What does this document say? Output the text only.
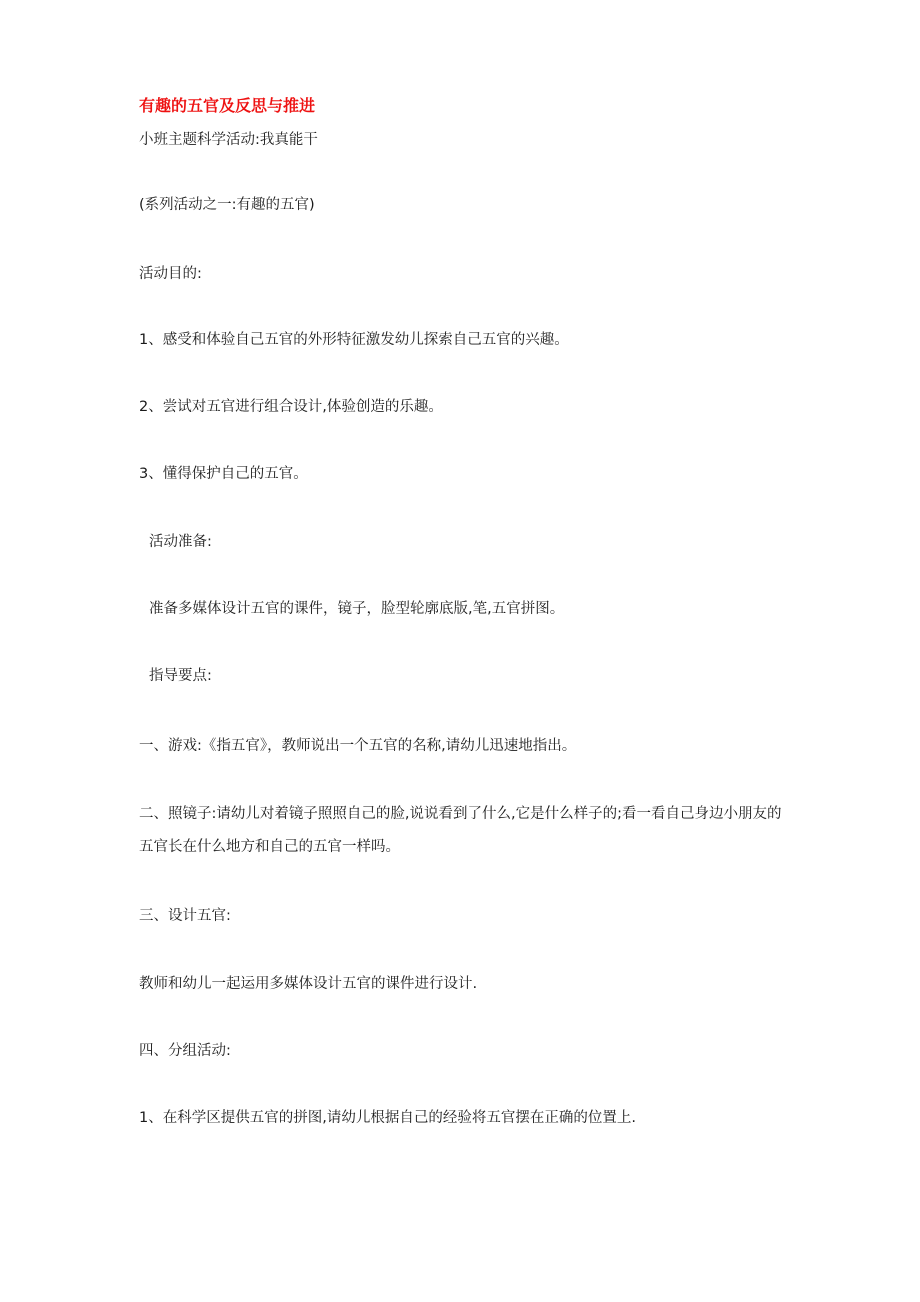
有趣的五官及反思与推进
小班主题科学活动:我真能干
(系列活动之一:有趣的五官)
活动目的:
1、感受和体验自己五官的外形特征激发幼儿探索自己五官的兴趣。
2、尝试对五官进行组合设计,体验创造的乐趣。
3、懂得保护自己的五官。
活动准备:
准备多媒体设计五官的课件，镜子，脸型轮廓底版,笔,五官拼图。
指导要点:
一、游戏:《指五官》，教师说出一个五官的名称,请幼儿迅速地指出。
二、照镜子:请幼儿对着镜子照照自己的脸,说说看到了什么,它是什么样子的;看一看自己身边小朋友的五官长在什么地方和自己的五官一样吗。
三、设计五官:
教师和幼儿一起运用多媒体设计五官的课件进行设计.
四、分组活动:
1、在科学区提供五官的拼图,请幼儿根据自己的经验将五官摆在正确的位置上.
